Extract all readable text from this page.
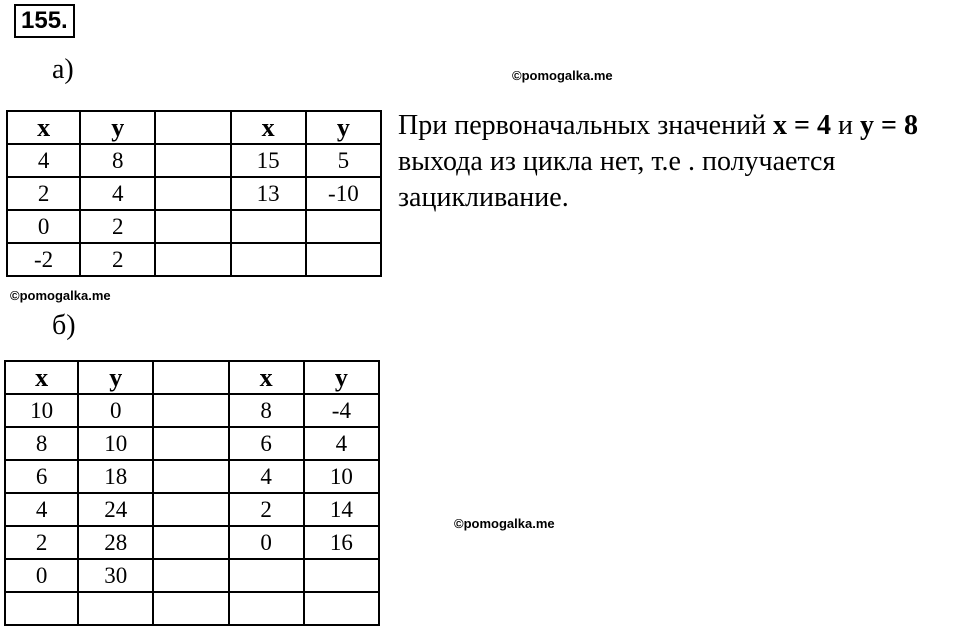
155.
а)	©pomogalka.me
x	y		x	y
4	8		15	5
2	4		13	-10
0	2			
-2	2			
При первоначальных значений x = 4 и y = 8 выхода из цикла нет, т.е . получается зацикливание.
©pomogalka.me
б)
x	y		x	y
10	0		8	-4
8	10		6	4
6	18		4	10
4	24		2	14
2	28		0	16
0	30			

©pomogalka.me
